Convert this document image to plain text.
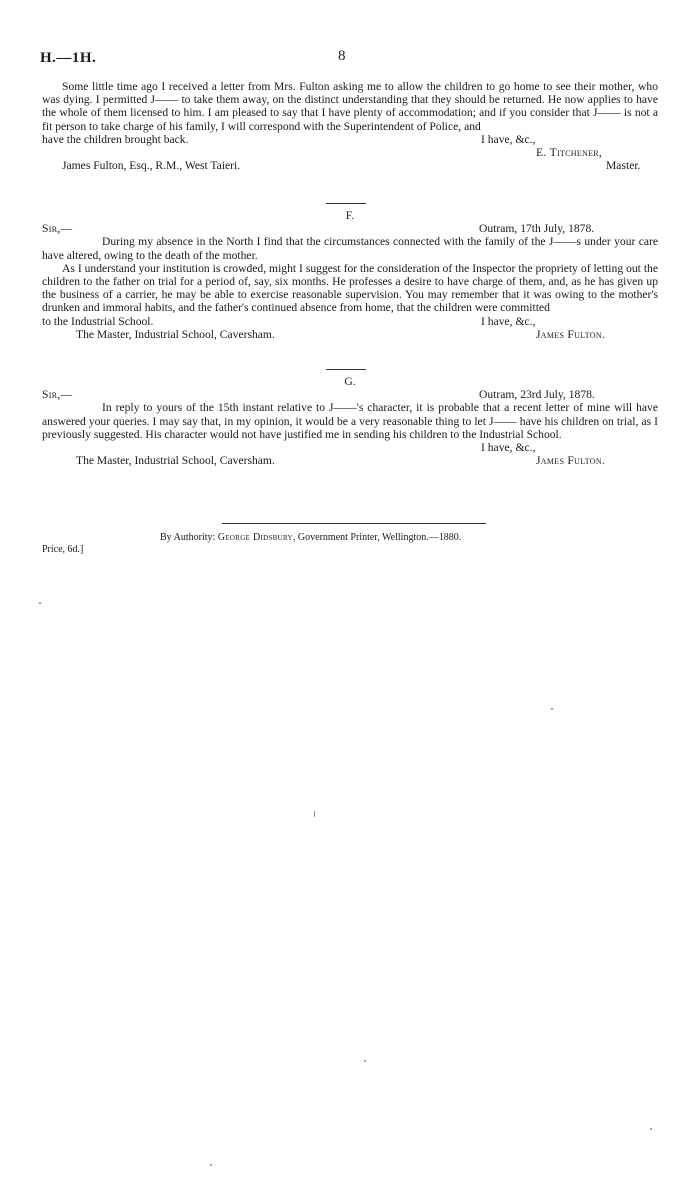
H.—1H.	8

Some little time ago I received a letter from Mrs. Fulton asking me to allow the children to go home to see their mother, who was dying. I permitted J—— to take them away, on the distinct understanding that they should be returned. He now applies to have the whole of them licensed to him. I am pleased to say that I have plenty of accommodation; and if you consider that J—— is not a fit person to take charge of his family, I will correspond with the Superintendent of Police, and

have the children brought back.	I have, &c.,
E. Titchener,
James Fulton, Esq., R.M., West Taieri.	Master.
F.
Sir,—	Outram, 17th July, 1878.

During my absence in the North I find that the circumstances connected with the family of the J——s under your care have altered, owing to the death of the mother.

As I understand your institution is crowded, might I suggest for the consideration of the Inspector the propriety of letting out the children to the father on trial for a period of, say, six months. He professes a desire to have charge of them, and, as he has given up the business of a carrier, he may be able to exercise reasonable supervision. You may remember that it was owing to the mother's drunken and immoral habits, and the father's continued absence from home, that the children were committed

to the Industrial School.	I have, &c.,
The Master, Industrial School, Caversham.	James Fulton.
G.
Sir,—	Outram, 23rd July, 1878.

In reply to yours of the 15th instant relative to J——'s character, it is probable that a recent letter of mine will have answered your queries. I may say that, in my opinion, it would be a very reasonable thing to let J—— have his children on trial, as I previously suggested. His character would not have justified me in sending his children to the Industrial School.

I have, &c.,
The Master, Industrial School, Caversham.	James Fulton.
By Authority: George Didsbury, Government Printer, Wellington.—1880.
Price, 6d.]
